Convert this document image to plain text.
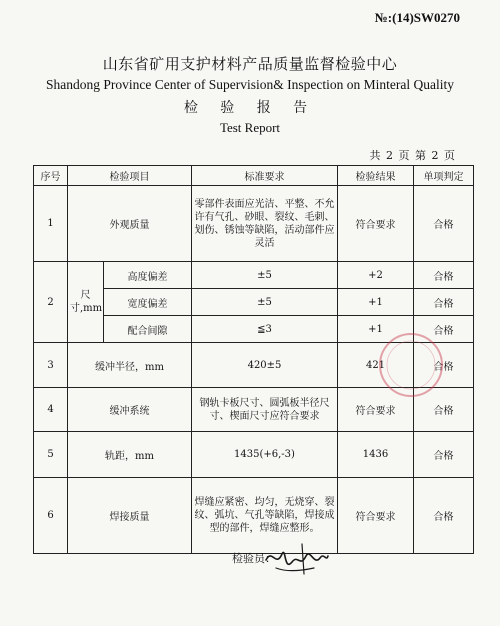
№:(14)SW0270
山东省矿用支护材料产品质量监督检验中心
Shandong Province Center of Supervision& Inspection on Minteral Quality
检 验 报 告
Test Report
共 2 页 第 2 页
序号	检验项目		标准要求	检验结果	单项判定
1	外观质量		零部件表面应光洁、平整、不允许有气孔、砂眼、裂纹、毛刺、划伤、锈蚀等缺陷，活动部件应灵活	符合要求	合格
2	尺寸,mm	高度偏差	±5	+2	合格
		宽度偏差	±5	+1	合格
		配合间隙	≦3	+1	合格
3	缓冲半径，mm		420±5	421	合格
4	缓冲系统		钢轨卡板尺寸、圆弧板半径尺寸、楔面尺寸应符合要求	符合要求	合格
5	轨距，mm		1435(+6,-3)	1436	合格
6	焊接质量		焊缝应紧密、均匀，无烧穿、裂纹、弧坑、气孔等缺陷，焊接成型的部件，焊缝应整形。	符合要求	合格
检验员：
